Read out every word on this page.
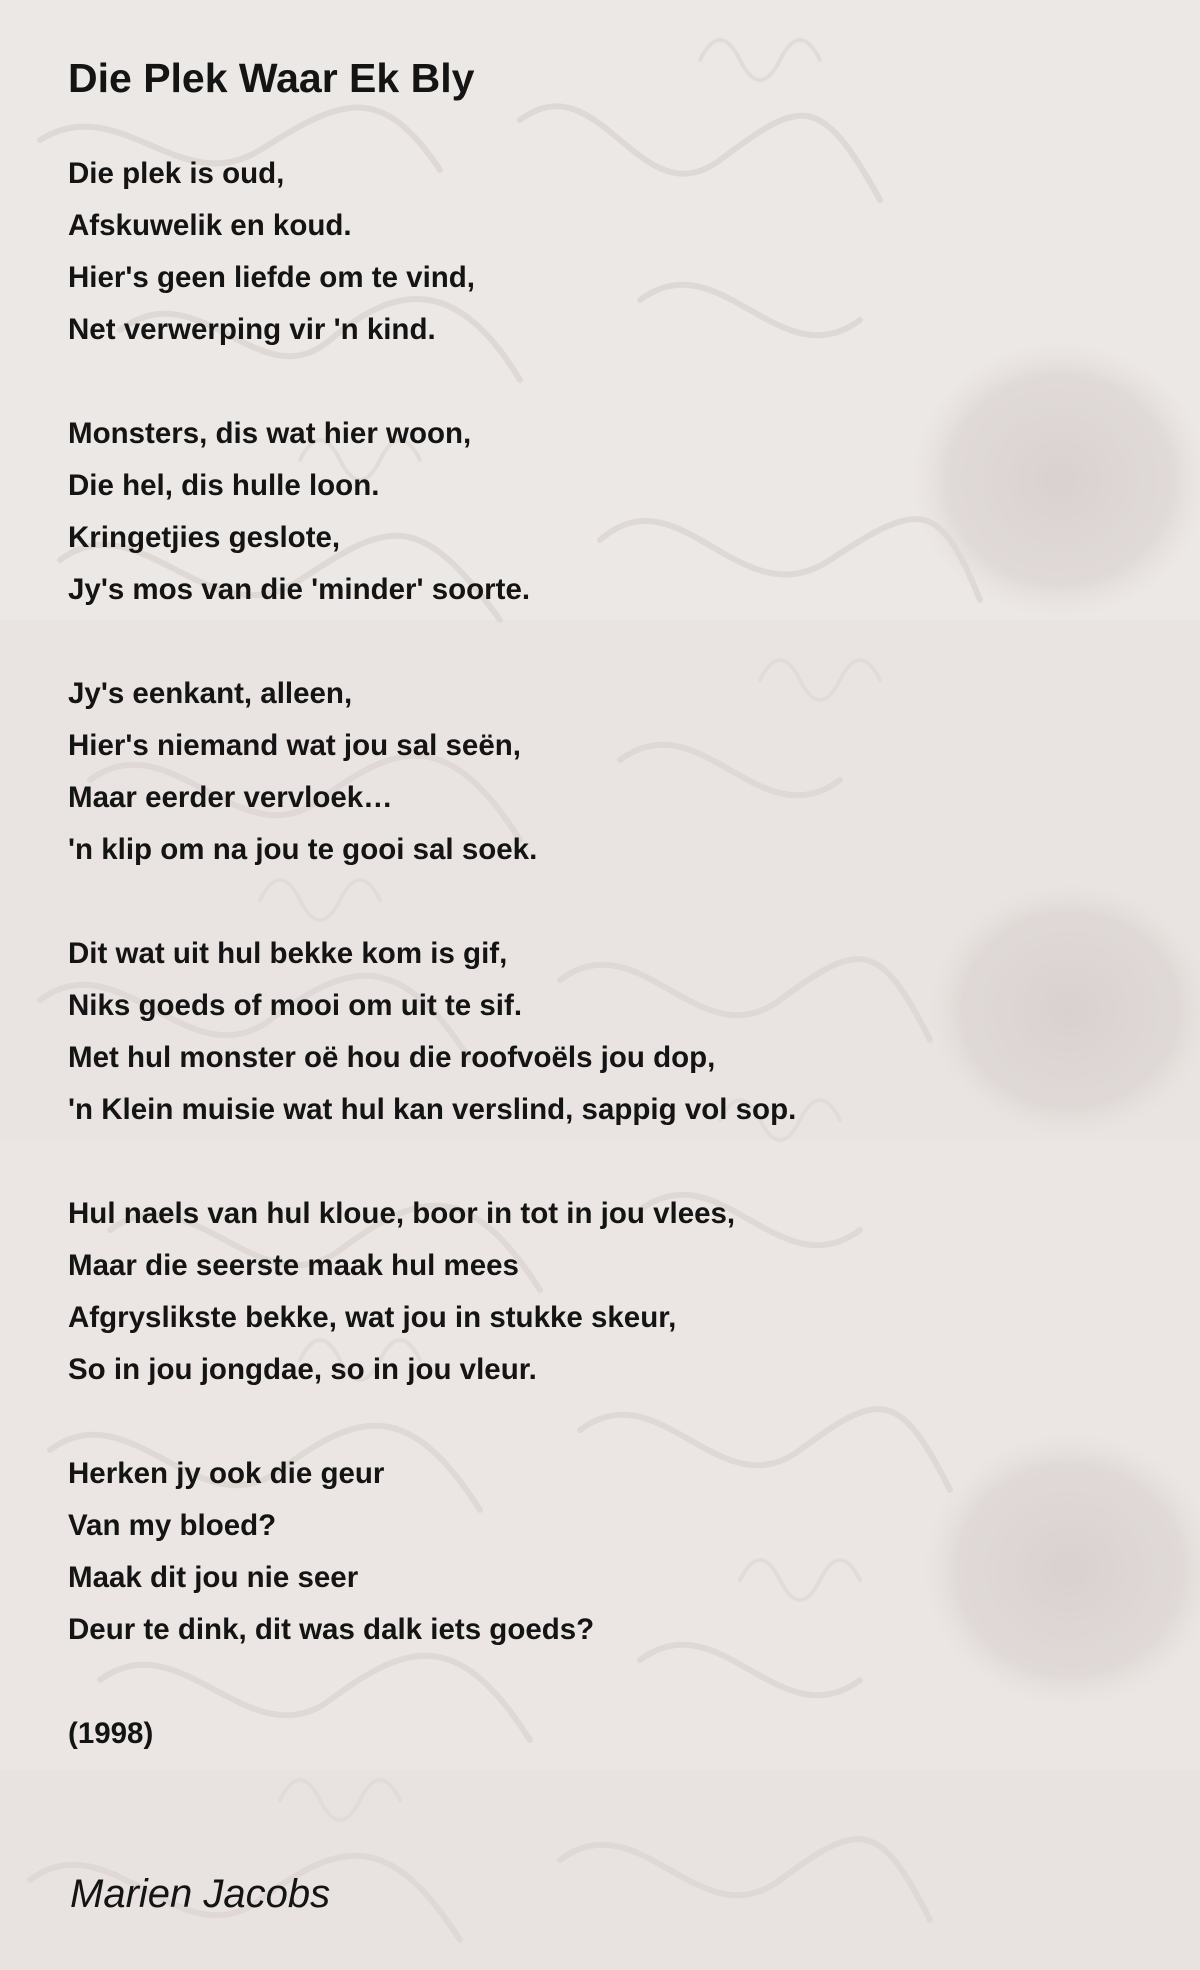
Die Plek Waar Ek Bly
Die plek is oud,
Afskuwelik en koud.
Hier's geen liefde om te vind,
Net verwerping vir 'n kind.
Monsters, dis wat hier woon,
Die hel, dis hulle loon.
Kringetjies geslote,
Jy's mos van die 'minder' soorte.
Jy's eenkant, alleen,
Hier's niemand wat jou sal seën,
Maar eerder vervloek…
'n klip om na jou te gooi sal soek.
Dit wat uit hul bekke kom is gif,
Niks goeds of mooi om uit te sif.
Met hul monster oë hou die roofvoëls jou dop,
'n Klein muisie wat hul kan verslind, sappig vol sop.
Hul naels van hul kloue, boor in tot in jou vlees,
Maar die seerste maak hul mees
Afgryslikste bekke, wat jou in stukke skeur,
So in jou jongdae, so in jou vleur.
Herken jy ook die geur
Van my bloed?
Maak dit jou nie seer
Deur te dink, dit was dalk iets goeds?
(1998)
Marien Jacobs
